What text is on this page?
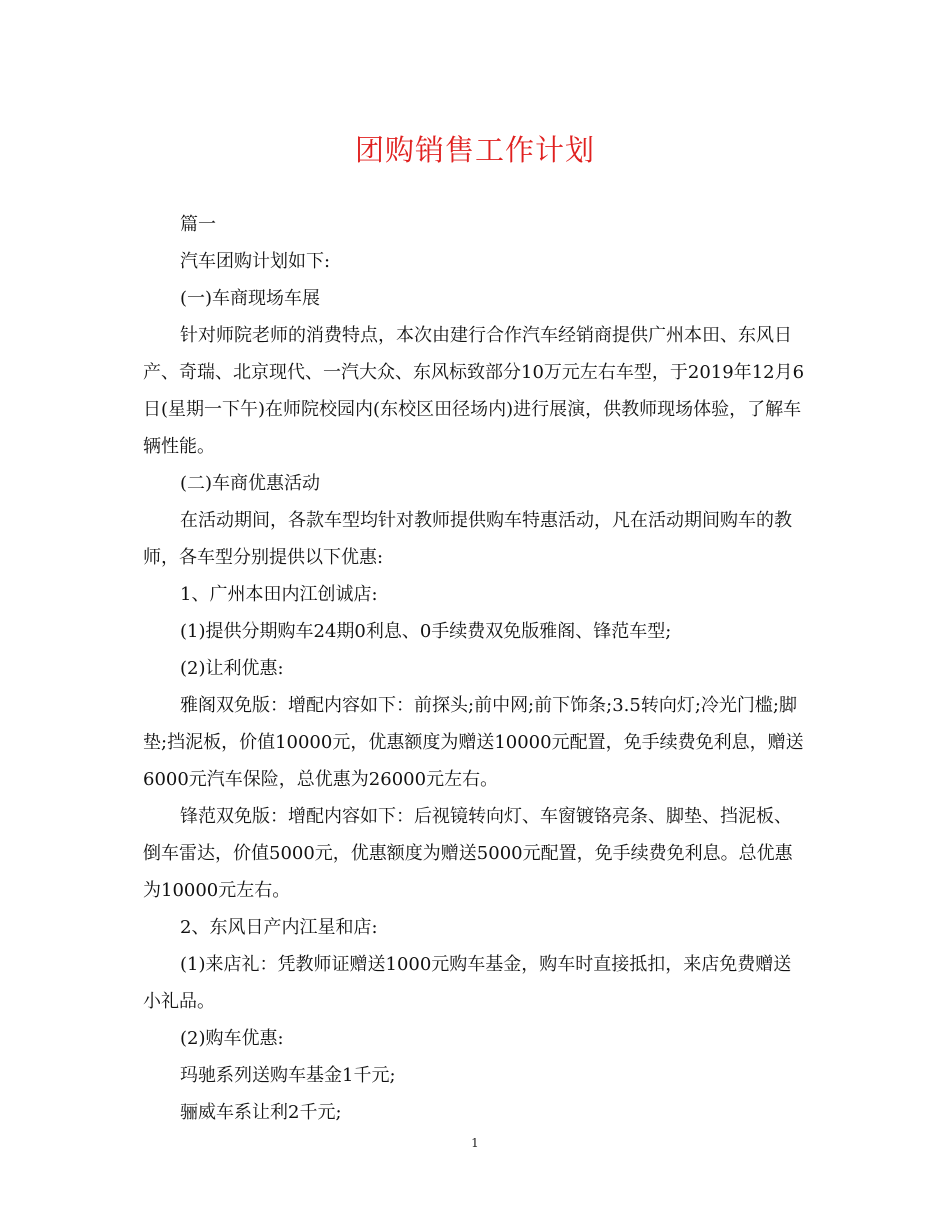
团购销售工作计划

篇一

汽车团购计划如下:

(一)车商现场车展

针对师院老师的消费特点，本次由建行合作汽车经销商提供广州本田、东风日产、奇瑞、北京现代、一汽大众、东风标致部分10万元左右车型，于2019年12月6日(星期一下午)在师院校园内(东校区田径场内)进行展演，供教师现场体验，了解车辆性能。

(二)车商优惠活动

在活动期间，各款车型均针对教师提供购车特惠活动，凡在活动期间购车的教师，各车型分别提供以下优惠:

1、广州本田内江创诚店:

(1)提供分期购车24期0利息、0手续费双免版雅阁、锋范车型;

(2)让利优惠:

雅阁双免版：增配内容如下：前探头;前中网;前下饰条;3.5转向灯;冷光门槛;脚垫;挡泥板，价值10000元，优惠额度为赠送10000元配置，免手续费免利息，赠送6000元汽车保险，总优惠为26000元左右。

锋范双免版：增配内容如下：后视镜转向灯、车窗镀铬亮条、脚垫、挡泥板、倒车雷达，价值5000元，优惠额度为赠送5000元配置，免手续费免利息。总优惠为10000元左右。

2、东风日产内江星和店:

(1)来店礼：凭教师证赠送1000元购车基金，购车时直接抵扣，来店免费赠送小礼品。

(2)购车优惠:

玛驰系列送购车基金1千元;

骊威车系让利2千元;

1
